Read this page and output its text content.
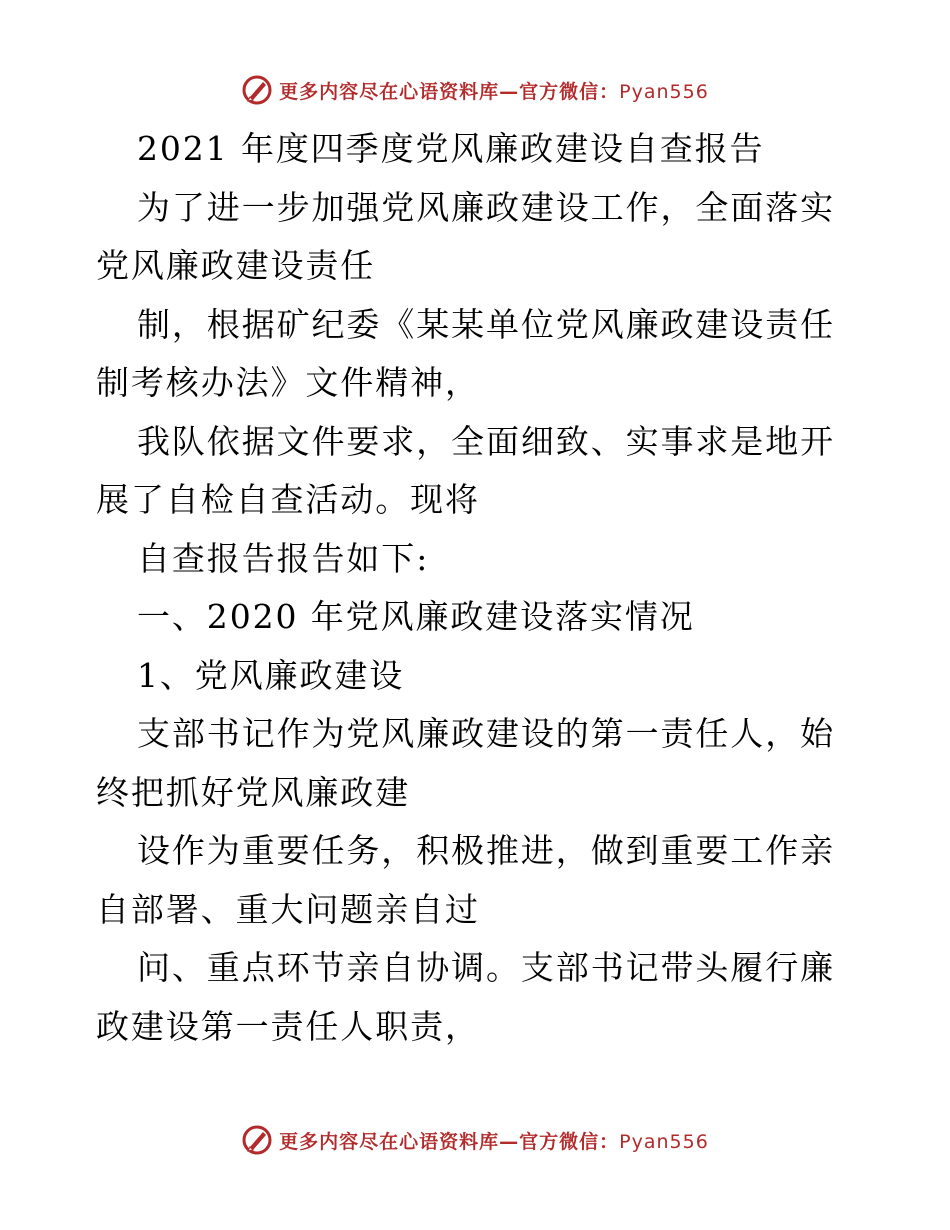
更多内容尽在心语资料库—官方微信：Pyan556

2021 年度四季度党风廉政建设自查报告

为了进一步加强党风廉政建设工作，全面落实党风廉政建设责任

制，根据矿纪委《某某单位党风廉政建设责任制考核办法》文件精神，

我队依据文件要求，全面细致、实事求是地开展了自检自查活动。现将

自查报告报告如下:

一、2020 年党风廉政建设落实情况

1、党风廉政建设

支部书记作为党风廉政建设的第一责任人，始终把抓好党风廉政建

设作为重要任务，积极推进，做到重要工作亲自部署、重大问题亲自过

问、重点环节亲自协调。支部书记带头履行廉政建设第一责任人职责，

更多内容尽在心语资料库—官方微信：Pyan556
